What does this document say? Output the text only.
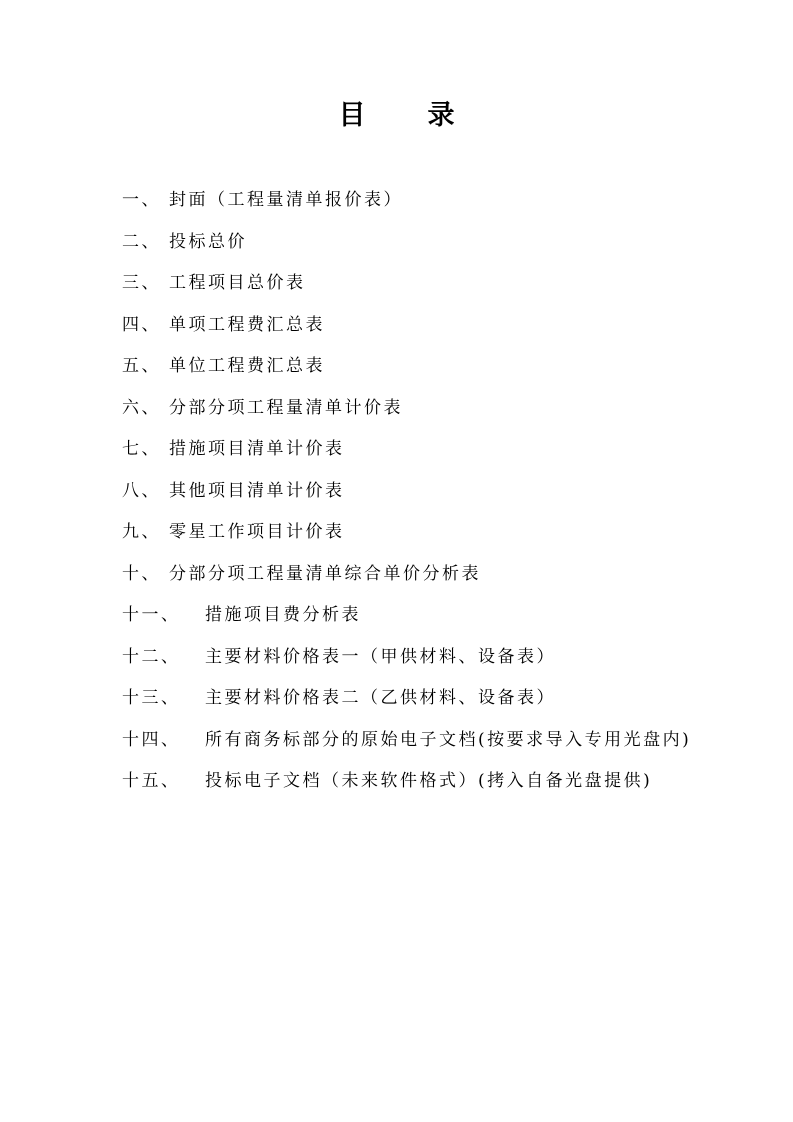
目 录
一、 封面（工程量清单报价表）
二、 投标总价
三、 工程项目总价表
四、 单项工程费汇总表
五、 单位工程费汇总表
六、 分部分项工程量清单计价表
七、 措施项目清单计价表
八、 其他项目清单计价表
九、 零星工作项目计价表
十、 分部分项工程量清单综合单价分析表
十一、 措施项目费分析表
十二、 主要材料价格表一（甲供材料、设备表）
十三、 主要材料价格表二（乙供材料、设备表）
十四、 所有商务标部分的原始电子文档(按要求导入专用光盘内)
十五、 投标电子文档（未来软件格式）(拷入自备光盘提供)
